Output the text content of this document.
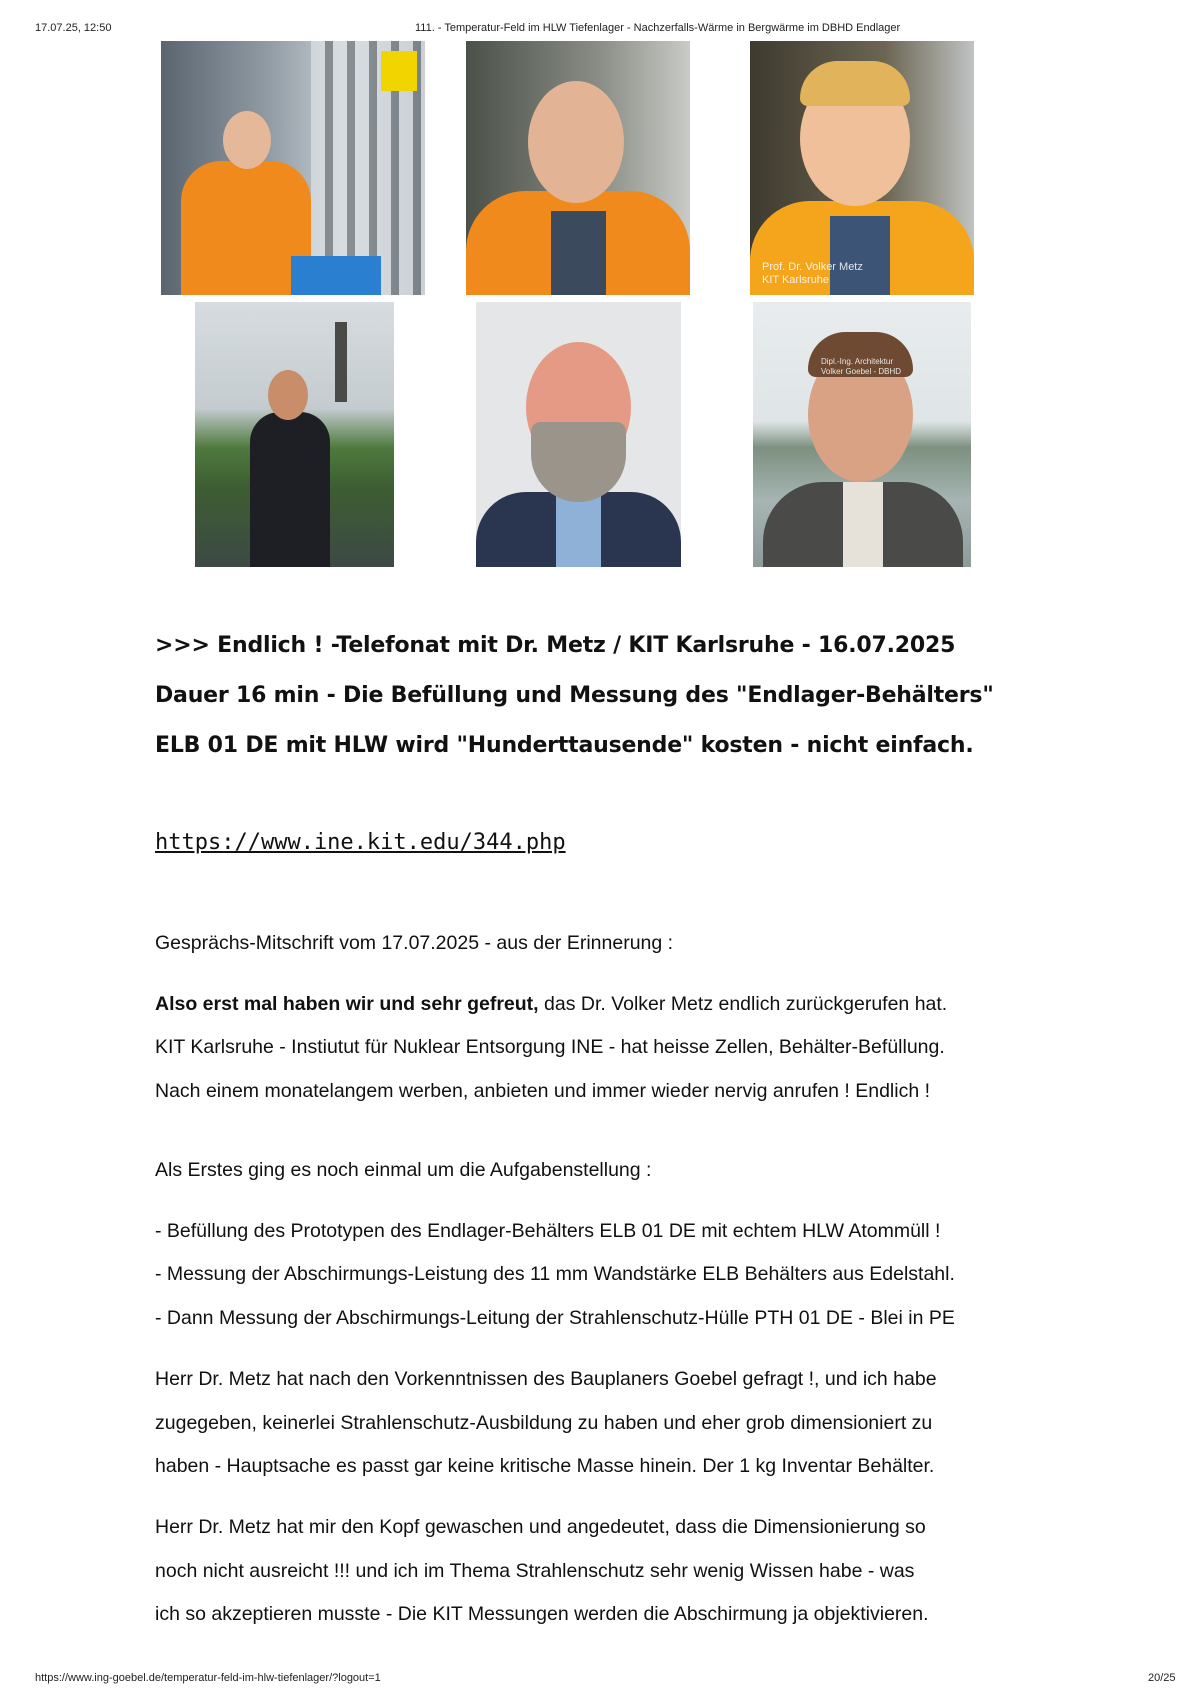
17.07.25, 12:50	111. - Temperatur-Feld im HLW Tiefenlager - Nachzerfalls-Wärme in Bergwärme im DBHD Endlager
Prof. Dr. Volker Metz
KIT Karlsruhe
Dipl.-Ing. Architektur
Volker Goebel - DBHD
>>> Endlich ! -Telefonat mit Dr. Metz / KIT Karlsruhe - 16.07.2025
Dauer 16 min - Die Befüllung und Messung des "Endlager-Behälters"
ELB 01 DE mit HLW wird "Hunderttausende" kosten - nicht einfach.
https://www.ine.kit.edu/344.php
Gesprächs-Mitschrift vom 17.07.2025 - aus der Erinnerung :
Also erst mal haben wir und sehr gefreut, das Dr. Volker Metz endlich zurückgerufen hat.
KIT Karlsruhe - Instiutut für Nuklear Entsorgung INE - hat heisse Zellen, Behälter-Befüllung.
Nach einem monatelangem werben, anbieten und immer wieder nervig anrufen ! Endlich !
Als Erstes ging es noch einmal um die Aufgabenstellung :
- Befüllung des Prototypen des Endlager-Behälters ELB 01 DE mit echtem HLW Atommüll !
- Messung der Abschirmungs-Leistung des 11 mm Wandstärke ELB Behälters aus Edelstahl.
- Dann Messung der Abschirmungs-Leitung der Strahlenschutz-Hülle PTH 01 DE - Blei in PE
Herr Dr. Metz hat nach den Vorkenntnissen des Bauplaners Goebel gefragt !, und ich habe
zugegeben, keinerlei Strahlenschutz-Ausbildung zu haben und eher grob dimensioniert zu
haben - Hauptsache es passt gar keine kritische Masse hinein. Der 1 kg Inventar Behälter.
Herr Dr. Metz hat mir den Kopf gewaschen und angedeutet, dass die Dimensionierung so
noch nicht ausreicht !!! und ich im Thema Strahlenschutz sehr wenig Wissen habe - was
ich so akzeptieren musste - Die KIT Messungen werden die Abschirmung ja objektivieren.
https://www.ing-goebel.de/temperatur-feld-im-hlw-tiefenlager/?logout=1	20/25
